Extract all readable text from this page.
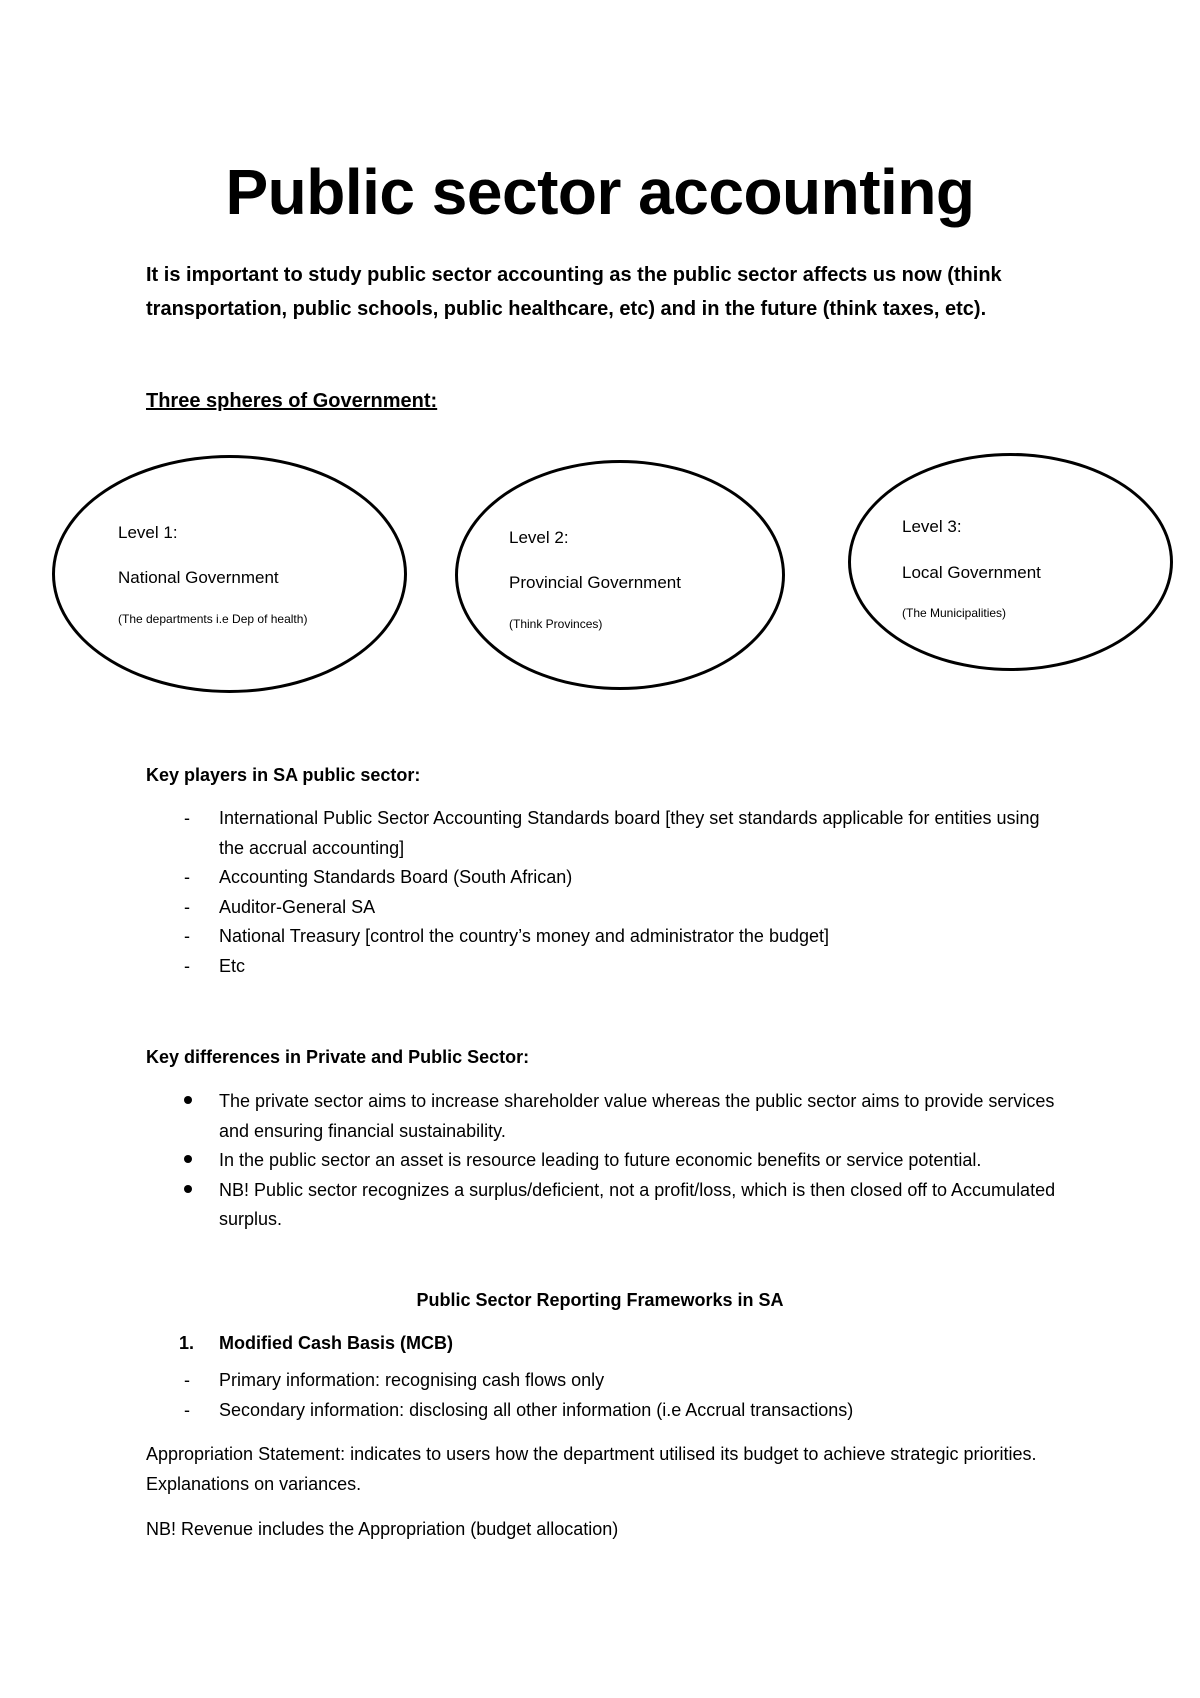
Public sector accounting

It is important to study public sector accounting as the public sector affects us now (think transportation, public schools, public healthcare, etc) and in the future (think taxes, etc).

Three spheres of Government:

Level 1:
National Government
(The departments i.e Dep of health)
Level 2:
Provincial Government
(Think Provinces)
Level 3:
Local Government
(The Municipalities)

Key players in SA public sector:

- International Public Sector Accounting Standards board [they set standards applicable for entities using the accrual accounting]
- Accounting Standards Board (South African)
- Auditor-General SA
- National Treasury [control the country’s money and administrator the budget]
- Etc

Key differences in Private and Public Sector:

The private sector aims to increase shareholder value whereas the public sector aims to provide services and ensuring financial sustainability.
In the public sector an asset is resource leading to future economic benefits or service potential.
NB! Public sector recognizes a surplus/deficient, not a profit/loss, which is then closed off to Accumulated surplus.

Public Sector Reporting Frameworks in SA

1. Modified Cash Basis (MCB)
- Primary information: recognising cash flows only
- Secondary information: disclosing all other information (i.e Accrual transactions)

Appropriation Statement: indicates to users how the department utilised its budget to achieve strategic priorities. Explanations on variances.

NB! Revenue includes the Appropriation (budget allocation)
